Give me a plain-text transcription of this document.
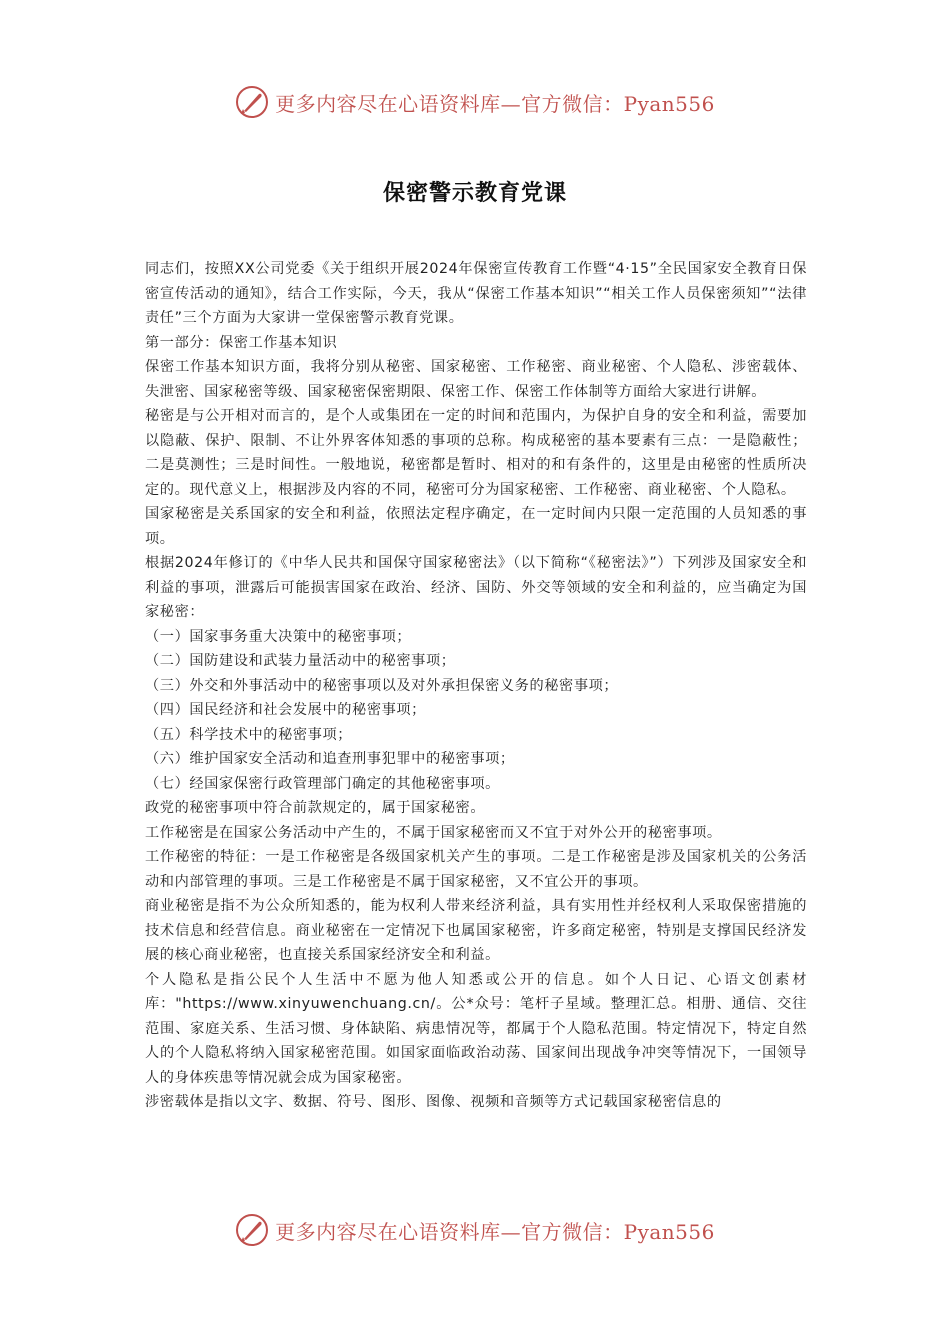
更多内容尽在心语资料库—官方微信：Pyan556
保密警示教育党课

同志们，按照XX公司党委《关于组织开展2024年保密宣传教育工作暨“4·15”全民国家安全教育日保密宣传活动的通知》，结合工作实际，今天，我从“保密工作基本知识”“相关工作人员保密须知”“法律责任”三个方面为大家讲一堂保密警示教育党课。

第一部分：保密工作基本知识

保密工作基本知识方面，我将分别从秘密、国家秘密、工作秘密、商业秘密、个人隐私、涉密载体、失泄密、国家秘密等级、国家秘密保密期限、保密工作、保密工作体制等方面给大家进行讲解。

秘密是与公开相对而言的，是个人或集团在一定的时间和范围内，为保护自身的安全和利益，需要加以隐蔽、保护、限制、不让外界客体知悉的事项的总称。构成秘密的基本要素有三点：一是隐蔽性；二是莫测性；三是时间性。一般地说，秘密都是暂时、相对的和有条件的，这里是由秘密的性质所决定的。现代意义上，根据涉及内容的不同，秘密可分为国家秘密、工作秘密、商业秘密、个人隐私。

国家秘密是关系国家的安全和利益，依照法定程序确定，在一定时间内只限一定范围的人员知悉的事项。

根据2024年修订的《中华人民共和国保守国家秘密法》（以下简称“《秘密法》”）下列涉及国家安全和利益的事项，泄露后可能损害国家在政治、经济、国防、外交等领域的安全和利益的，应当确定为国家秘密：

（一）国家事务重大决策中的秘密事项；

（二）国防建设和武装力量活动中的秘密事项；

（三）外交和外事活动中的秘密事项以及对外承担保密义务的秘密事项；

（四）国民经济和社会发展中的秘密事项；

（五）科学技术中的秘密事项；

（六）维护国家安全活动和追查刑事犯罪中的秘密事项；

（七）经国家保密行政管理部门确定的其他秘密事项。

政党的秘密事项中符合前款规定的，属于国家秘密。

工作秘密是在国家公务活动中产生的，不属于国家秘密而又不宜于对外公开的秘密事项。

工作秘密的特征：一是工作秘密是各级国家机关产生的事项。二是工作秘密是涉及国家机关的公务活动和内部管理的事项。三是工作秘密是不属于国家秘密，又不宜公开的事项。

商业秘密是指不为公众所知悉的，能为权利人带来经济利益，具有实用性并经权利人采取保密措施的技术信息和经营信息。商业秘密在一定情况下也属国家秘密，许多商定秘密，特别是支撑国民经济发展的核心商业秘密，也直接关系国家经济安全和利益。

个人隐私是指公民个人生活中不愿为他人知悉或公开的信息。如个人日记、心语文创素材库："https://www.xinyuwenchuang.cn/。公*众号：笔杆子星域。整理汇总。相册、通信、交往范围、家庭关系、生活习惯、身体缺陷、病患情况等，都属于个人隐私范围。特定情况下，特定自然人的个人隐私将纳入国家秘密范围。如国家面临政治动荡、国家间出现战争冲突等情况下，一国领导人的身体疾患等情况就会成为国家秘密。

涉密载体是指以文字、数据、符号、图形、图像、视频和音频等方式记载国家秘密信息的

更多内容尽在心语资料库—官方微信：Pyan556
